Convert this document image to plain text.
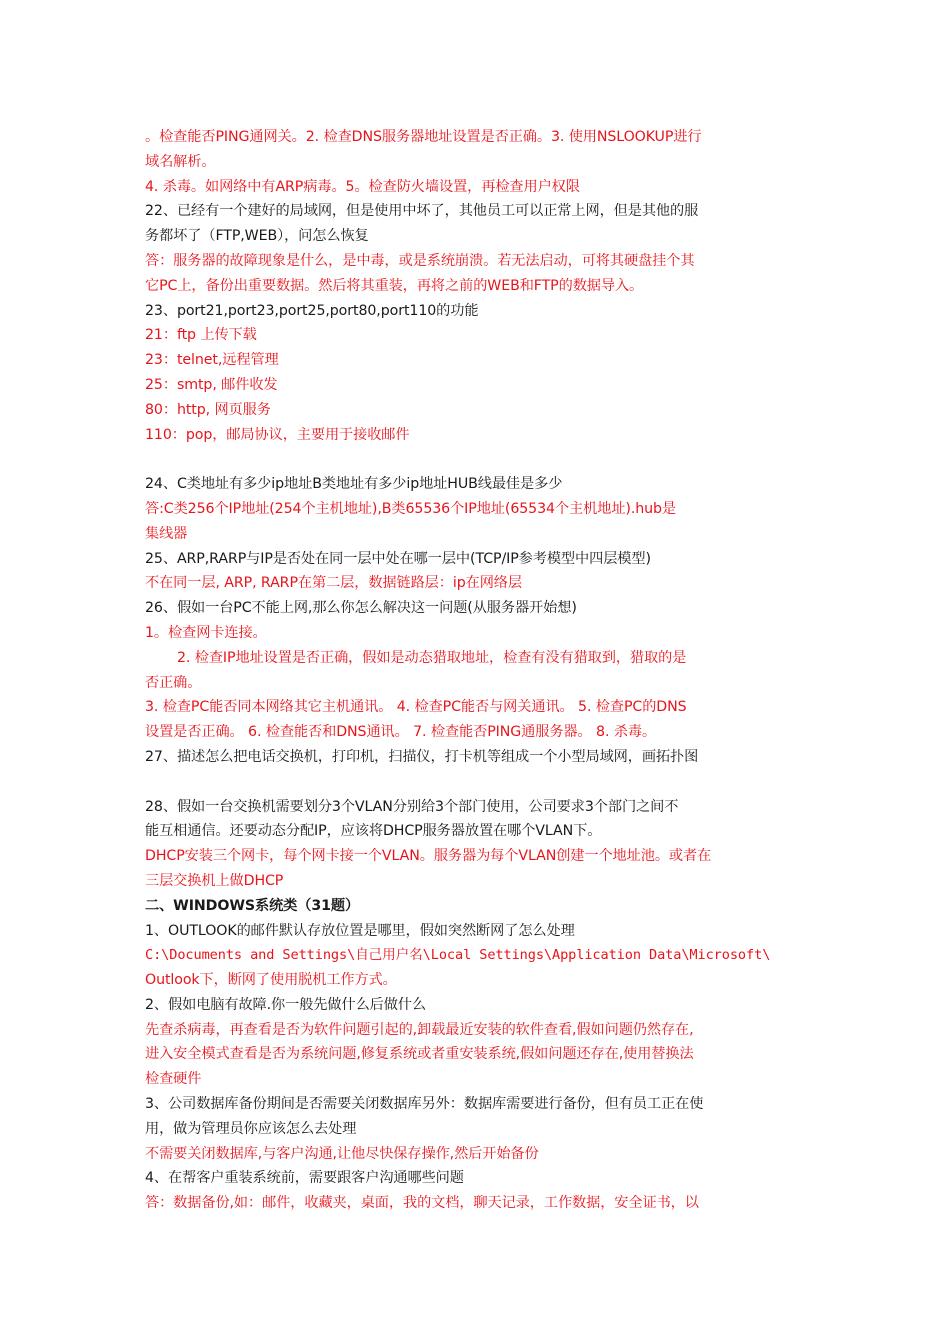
。检查能否PING通网关。2. 检查DNS服务器地址设置是否正确。3. 使用NSLOOKUP进行
域名解析。
4. 杀毒。如网络中有ARP病毒。5。检查防火墙设置，再检查用户权限
22、已经有一个建好的局域网，但是使用中坏了，其他员工可以正常上网，但是其他的服
务都坏了（FTP,WEB），问怎么恢复
答：服务器的故障现象是什么，是中毒，或是系统崩溃。若无法启动，可将其硬盘挂个其
它PC上，备份出重要数据。然后将其重装，再将之前的WEB和FTP的数据导入。
23、port21,port23,port25,port80,port110的功能
21：ftp 上传下载
23：telnet,远程管理
25：smtp, 邮件收发
80：http, 网页服务
110：pop，邮局协议，主要用于接收邮件
24、C类地址有多少ip地址B类地址有多少ip地址HUB线最佳是多少
答:C类256个IP地址(254个主机地址),B类65536个IP地址(65534个主机地址).hub是
集线器
25、ARP,RARP与IP是否处在同一层中处在哪一层中(TCP/IP参考模型中四层模型)
不在同一层, ARP, RARP在第二层，数据链路层：ip在网络层
26、假如一台PC不能上网,那么你怎么解决这一问题(从服务器开始想)
1。检查网卡连接。
2. 检查IP地址设置是否正确，假如是动态猎取地址，检查有没有猎取到，猎取的是
否正确。
3. 检查PC能否同本网络其它主机通讯。 4. 检查PC能否与网关通讯。 5. 检查PC的DNS
设置是否正确。 6. 检查能否和DNS通讯。 7. 检查能否PING通服务器。 8. 杀毒。
27、描述怎么把电话交换机，打印机，扫描仪，打卡机等组成一个小型局域网，画拓扑图
28、假如一台交换机需要划分3个VLAN分别给3个部门使用，公司要求3个部门之间不
能互相通信。还要动态分配IP，应该将DHCP服务器放置在哪个VLAN下。
DHCP安装三个网卡，每个网卡接一个VLAN。服务器为每个VLAN创建一个地址池。或者在
三层交换机上做DHCP
二、WINDOWS系统类（31题）
1、OUTLOOK的邮件默认存放位置是哪里，假如突然断网了怎么处理
C:\Documents and Settings\自己用户名\Local Settings\Application Data\Microsoft\
Outlook下，断网了使用脱机工作方式。
2、假如电脑有故障.你一般先做什么后做什么
先查杀病毒，再查看是否为软件问题引起的,卸载最近安装的软件查看,假如问题仍然存在,
进入安全模式查看是否为系统问题,修复系统或者重安装系统,假如问题还存在,使用替换法
检查硬件
3、公司数据库备份期间是否需要关闭数据库另外：数据库需要进行备份，但有员工正在使
用，做为管理员你应该怎么去处理
不需要关闭数据库,与客户沟通,让他尽快保存操作,然后开始备份
4、在帮客户重装系统前，需要跟客户沟通哪些问题
答：数据备份,如：邮件，收藏夹，桌面，我的文档，聊天记录，工作数据，安全证书，以
